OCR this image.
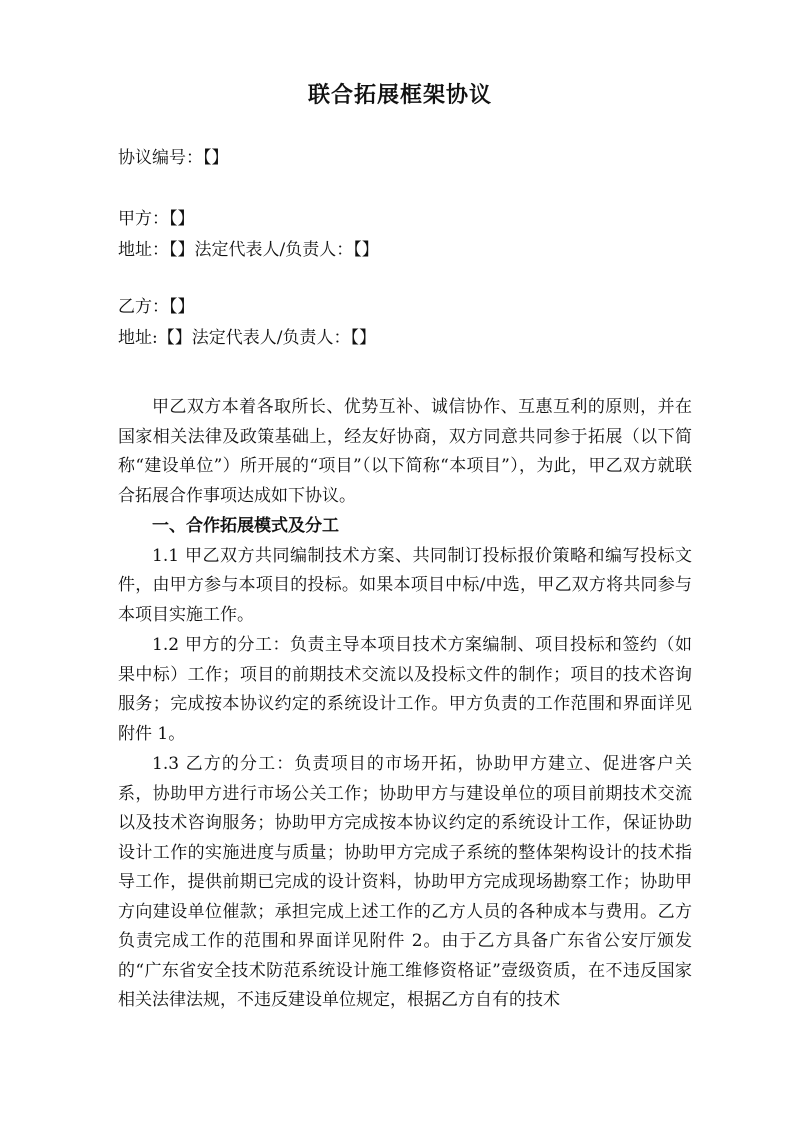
联合拓展框架协议
协议编号：【】
甲方：【】
地址：【】法定代表人/负责人：【】
乙方：【】
地址:【】法定代表人/负责人：【】

甲乙双方本着各取所长、优势互补、诚信协作、互惠互利的原则，并在国家相关法律及政策基础上，经友好协商，双方同意共同参于拓展（以下简称“建设单位”）所开展的“项目”（以下简称“本项目”），为此，甲乙双方就联合拓展合作事项达成如下协议。

一、合作拓展模式及分工

1.1 甲乙双方共同编制技术方案、共同制订投标报价策略和编写投标文件，由甲方参与本项目的投标。如果本项目中标/中选，甲乙双方将共同参与本项目实施工作。

1.2 甲方的分工：负责主导本项目技术方案编制、项目投标和签约（如果中标）工作；项目的前期技术交流以及投标文件的制作；项目的技术咨询服务；完成按本协议约定的系统设计工作。甲方负责的工作范围和界面详见附件 1。

1.3 乙方的分工：负责项目的市场开拓，协助甲方建立、促进客户关系，协助甲方进行市场公关工作；协助甲方与建设单位的项目前期技术交流以及技术咨询服务；协助甲方完成按本协议约定的系统设计工作，保证协助设计工作的实施进度与质量；协助甲方完成子系统的整体架构设计的技术指导工作，提供前期已完成的设计资料，协助甲方完成现场勘察工作；协助甲方向建设单位催款；承担完成上述工作的乙方人员的各种成本与费用。乙方负责完成工作的范围和界面详见附件 2。由于乙方具备广东省公安厅颁发的“广东省安全技术防范系统设计施工维修资格证”壹级资质，在不违反国家相关法律法规，不违反建设单位规定，根据乙方自有的技术
